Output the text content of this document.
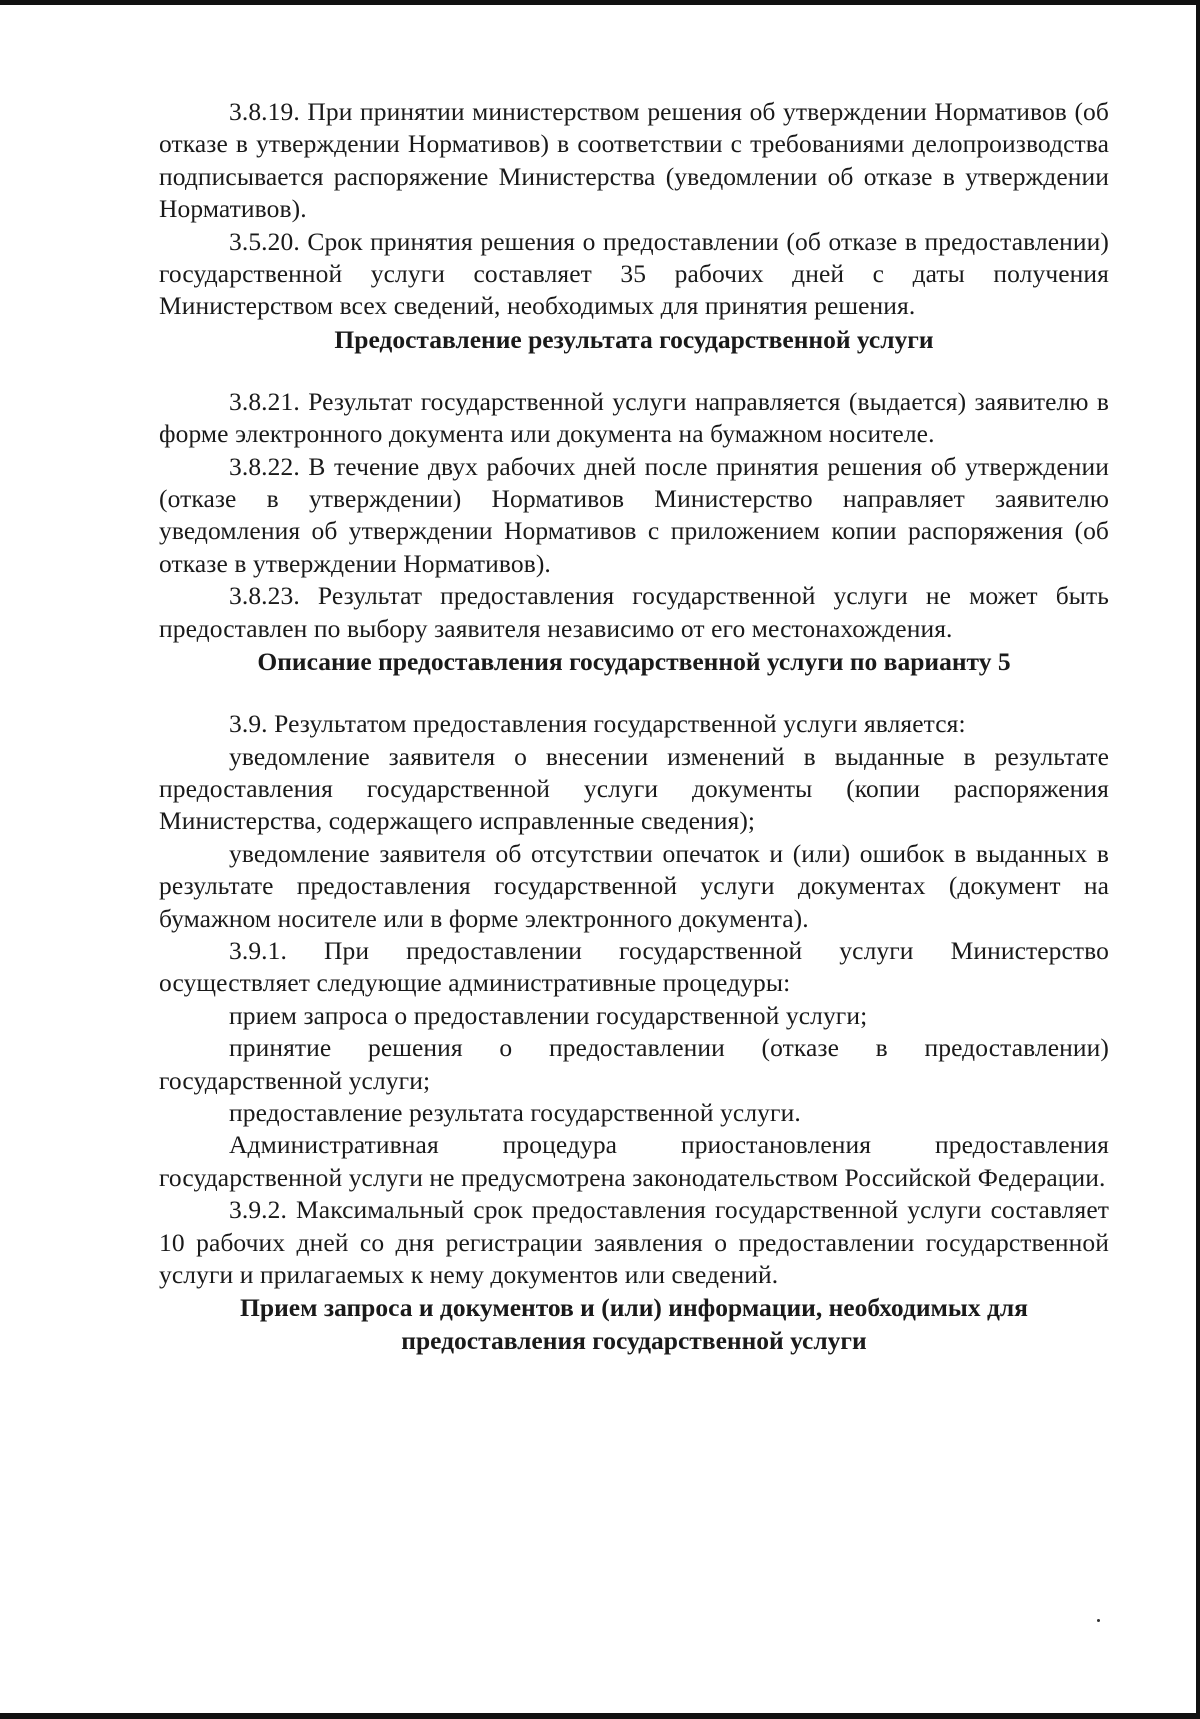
3.8.19. При принятии министерством решения об утверждении Нормативов (об отказе в утверждении Нормативов) в соответствии с требованиями делопроизводства подписывается распоряжение Министерства (уведомлении об отказе в утверждении Нормативов).

3.5.20. Срок принятия решения о предоставлении (об отказе в предоставлении) государственной услуги составляет 35 рабочих дней с даты получения Министерством всех сведений, необходимых для принятия решения.

Предоставление результата государственной услуги

3.8.21. Результат государственной услуги направляется (выдается) заявителю в форме электронного документа или документа на бумажном носителе.

3.8.22. В течение двух рабочих дней после принятия решения об утверждении (отказе в утверждении) Нормативов Министерство направляет заявителю уведомления об утверждении Нормативов с приложением копии распоряжения (об отказе в утверждении Нормативов).

3.8.23. Результат предоставления государственной услуги не может быть предоставлен по выбору заявителя независимо от его местонахождения.

Описание предоставления государственной услуги по варианту 5

3.9. Результатом предоставления государственной услуги является:

уведомление заявителя о внесении изменений в выданные в результате предоставления государственной услуги документы (копии распоряжения Министерства, содержащего исправленные сведения);

уведомление заявителя об отсутствии опечаток и (или) ошибок в выданных в результате предоставления государственной услуги документах (документ на бумажном носителе или в форме электронного документа).

3.9.1. При предоставлении государственной услуги Министерство осуществляет следующие административные процедуры:

прием запроса о предоставлении государственной услуги;

принятие решения о предоставлении (отказе в предоставлении) государственной услуги;

предоставление результата государственной услуги.

Административная процедура приостановления предоставления государственной услуги не предусмотрена законодательством Российской Федерации.

3.9.2. Максимальный срок предоставления государственной услуги составляет 10 рабочих дней со дня регистрации заявления о предоставлении государственной услуги и прилагаемых к нему документов или сведений.

Прием запроса и документов и (или) информации, необходимых для
предоставления государственной услуги
